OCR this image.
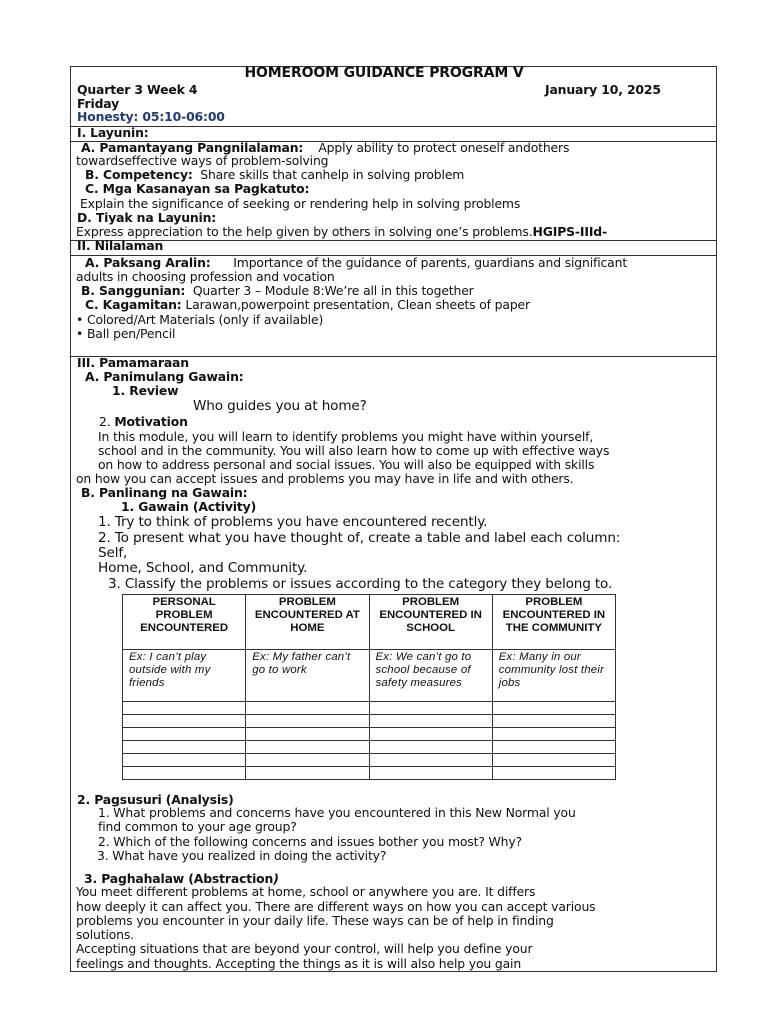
HOMEROOM GUIDANCE PROGRAM V
Quarter 3 Week 4	January 10, 2025
Friday
Honesty: 05:10-06:00
I. Layunin:
A. Pamantayang Pangnilalaman: Apply ability to protect oneself andothers
towardseffective ways of problem-solving
B. Competency: Share skills that canhelp in solving problem
C. Mga Kasanayan sa Pagkatuto:
Explain the significance of seeking or rendering help in solving problems
D. Tiyak na Layunin:
Express appreciation to the help given by others in solving one’s problems.HGIPS-IIId-
II. Nilalaman
A. Paksang Aralin: Importance of the guidance of parents, guardians and significant
adults in choosing profession and vocation
B. Sanggunian: Quarter 3 – Module 8:We’re all in this together
C. Kagamitan: Larawan,powerpoint presentation, Clean sheets of paper
• Colored/Art Materials (only if available)
• Ball pen/Pencil
III. Pamamaraan
A. Panimulang Gawain:
1. Review
Who guides you at home?
2. Motivation
In this module, you will learn to identify problems you might have within yourself,
school and in the community. You will also learn how to come up with effective ways
on how to address personal and social issues. You will also be equipped with skills
on how you can accept issues and problems you may have in life and with others.
B. Panlinang na Gawain:
1. Gawain (Activity)
1. Try to think of problems you have encountered recently.
2. To present what you have thought of, create a table and label each column:
Self,
Home, School, and Community.
3. Classify the problems or issues according to the category they belong to.
PERSONAL PROBLEM ENCOUNTERED	PROBLEM ENCOUNTERED AT HOME	PROBLEM ENCOUNTERED IN SCHOOL	PROBLEM ENCOUNTERED IN THE COMMUNITY
Ex: I can’t play outside with my friends	Ex: My father can’t go to work	Ex: We can’t go to school because of safety measures	Ex: Many in our community lost their jobs

2. Pagsusuri (Analysis)
1. What problems and concerns have you encountered in this New Normal you
find common to your age group?
2. Which of the following concerns and issues bother you most? Why?
3. What have you realized in doing the activity?
3. Paghahalaw (Abstraction)
You meet different problems at home, school or anywhere you are. It differs
how deeply it can affect you. There are different ways on how you can accept various
problems you encounter in your daily life. These ways can be of help in finding
solutions.
Accepting situations that are beyond your control, will help you define your
feelings and thoughts. Accepting the things as it is will also help you gain
